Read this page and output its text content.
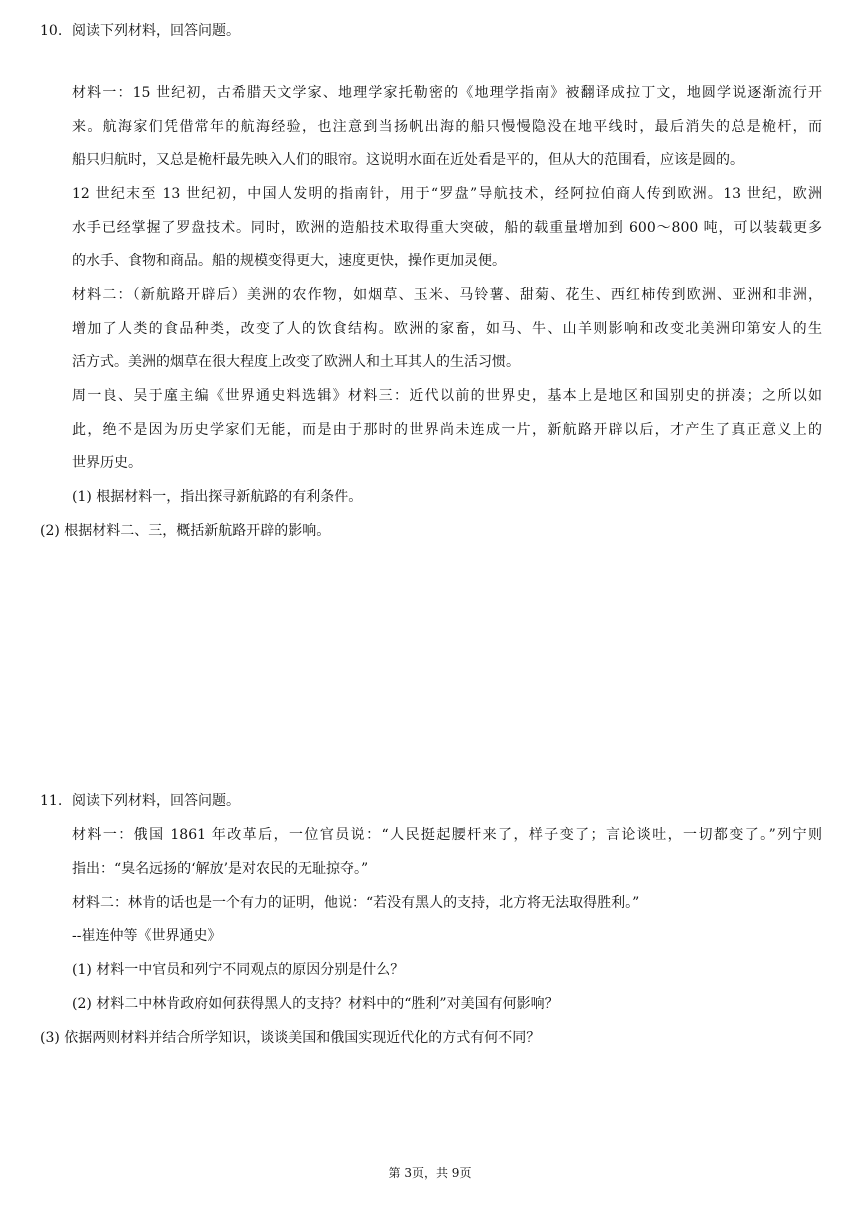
10. 阅读下列材料，回答问题。
材料一：15 世纪初，古希腊天文学家、地理学家托勒密的《地理学指南》被翻译成拉丁文，地圆学说逐渐流行开
来。航海家们凭借常年的航海经验，也注意到当扬帆出海的船只慢慢隐没在地平线时，最后消失的总是桅杆，而
船只归航时，又总是桅杆最先映入人们的眼帘。这说明水面在近处看是平的，但从大的范围看，应该是圆的。
12 世纪末至 13 世纪初，中国人发明的指南针，用于“罗盘”导航技术，经阿拉伯商人传到欧洲。13 世纪，欧洲
水手已经掌握了罗盘技术。同时，欧洲的造船技术取得重大突破，船的载重量增加到 600～800 吨，可以装载更多
的水手、食物和商品。船的规模变得更大，速度更快，操作更加灵便。
材料二：（新航路开辟后）美洲的农作物，如烟草、玉米、马铃薯、甜菊、花生、西红柿传到欧洲、亚洲和非洲，
增加了人类的食品种类，改变了人的饮食结构。欧洲的家畜，如马、牛、山羊则影响和改变北美洲印第安人的生
活方式。美洲的烟草在很大程度上改变了欧洲人和土耳其人的生活习惯。
周一良、吴于廑主编《世界通史料选辑》材料三：近代以前的世界史，基本上是地区和国别史的拼凑；之所以如
此，绝不是因为历史学家们无能，而是由于那时的世界尚未连成一片，新航路开辟以后，才产生了真正意义上的
世界历史。
(1) 根据材料一，指出探寻新航路的有利条件。
(2) 根据材料二、三，概括新航路开辟的影响。
11. 阅读下列材料，回答问题。
材料一：俄国 1861 年改革后，一位官员说：“人民挺起腰杆来了，样子变了；言论谈吐，一切都变了。”列宁则
指出：“臭名远扬的‘解放’是对农民的无耻掠夺。”
材料二：林肯的话也是一个有力的证明，他说：“若没有黑人的支持，北方将无法取得胜利。”
--崔连仲等《世界通史》
(1) 材料一中官员和列宁不同观点的原因分别是什么？
(2) 材料二中林肯政府如何获得黑人的支持？材料中的“胜利”对美国有何影响？
(3) 依据两则材料并结合所学知识，谈谈美国和俄国实现近代化的方式有何不同？
第 3页，共 9页
